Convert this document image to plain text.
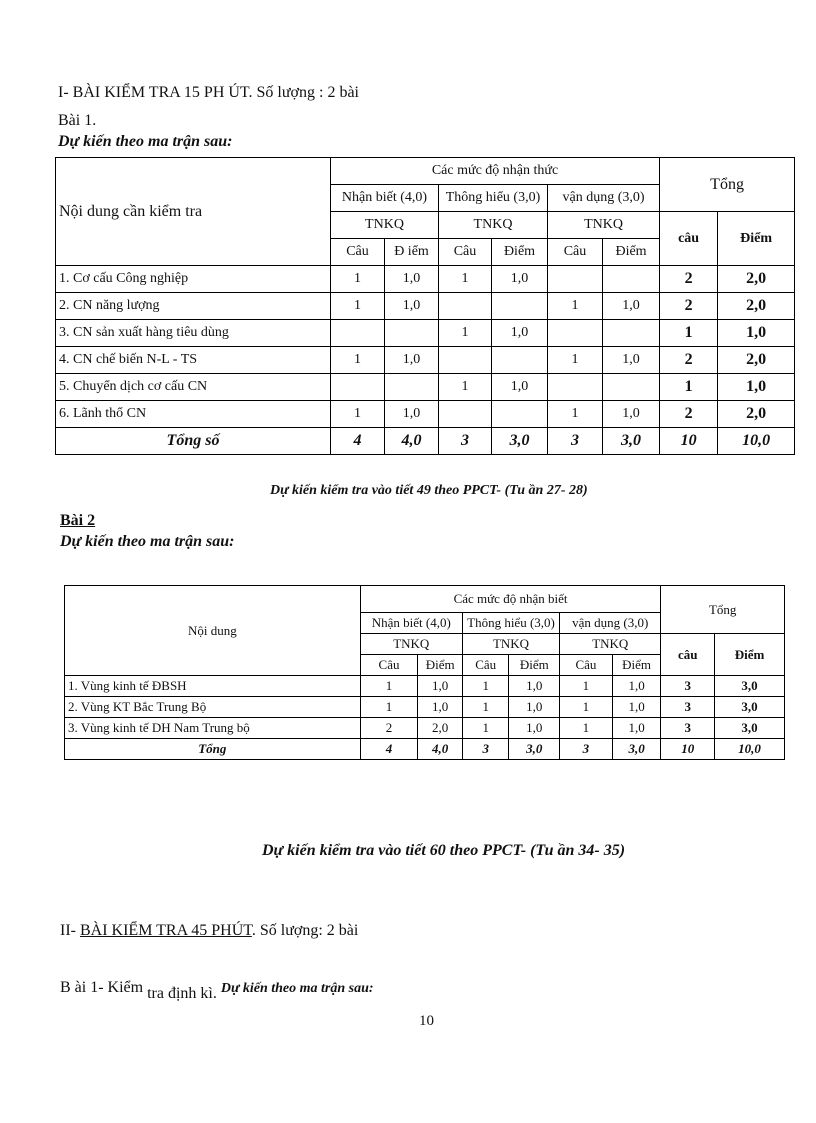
I- BÀI KIỂM TRA 15 PH ÚT. Số lượng : 2 bài
Bài 1.
Dự kiến theo ma trận sau:
Nội dung cần kiểm tra	Các mức độ nhận thức						Tổng	
	Nhận biết (4,0)		Thông hiểu (3,0)		vận dụng (3,0)			
	TNKQ		TNKQ		TNKQ		câu	Điểm
	Câu	Đ iểm	Câu	Điểm	Câu	Điểm		
1. Cơ cấu Công nghiệp	1	1,0	1	1,0			2	2,0
2. CN năng lượng	1	1,0			1	1,0	2	2,0
3. CN sản xuất hàng tiêu dùng			1	1,0			1	1,0
4. CN chế biến N-L - TS	1	1,0			1	1,0	2	2,0
5. Chuyển dịch cơ cấu CN			1	1,0			1	1,0
6. Lãnh thổ CN	1	1,0			1	1,0	2	2,0
Tổng số	4	4,0	3	3,0	3	3,0	10	10,0
Dự kiến kiểm tra vào tiết 49 theo PPCT- (Tu ần 27- 28)
Bài 2
Dự kiến theo ma trận sau:
Nội dung	Các mức độ nhận biết						Tổng	
	Nhận biết (4,0)		Thông hiểu (3,0)		vận dụng (3,0)			
	TNKQ		TNKQ		TNKQ		câu	Điểm
	Câu	Điểm	Câu	Điểm	Câu	Điểm		
1. Vùng kinh tế ĐBSH	1	1,0	1	1,0	1	1,0	3	3,0
2. Vùng KT Bắc Trung Bộ	1	1,0	1	1,0	1	1,0	3	3,0
3. Vùng kinh tế DH Nam Trung bộ	2	2,0	1	1,0	1	1,0	3	3,0
Tổng	4	4,0	3	3,0	3	3,0	10	10,0
Dự kiến kiểm tra vào tiết 60 theo PPCT- (Tu ần 34- 35)
II- BÀI KIỂM TRA 45 PHÚT. Số lượng: 2 bài
B ài 1- Kiểm tra định kì. Dự kiến theo ma trận sau:
10
